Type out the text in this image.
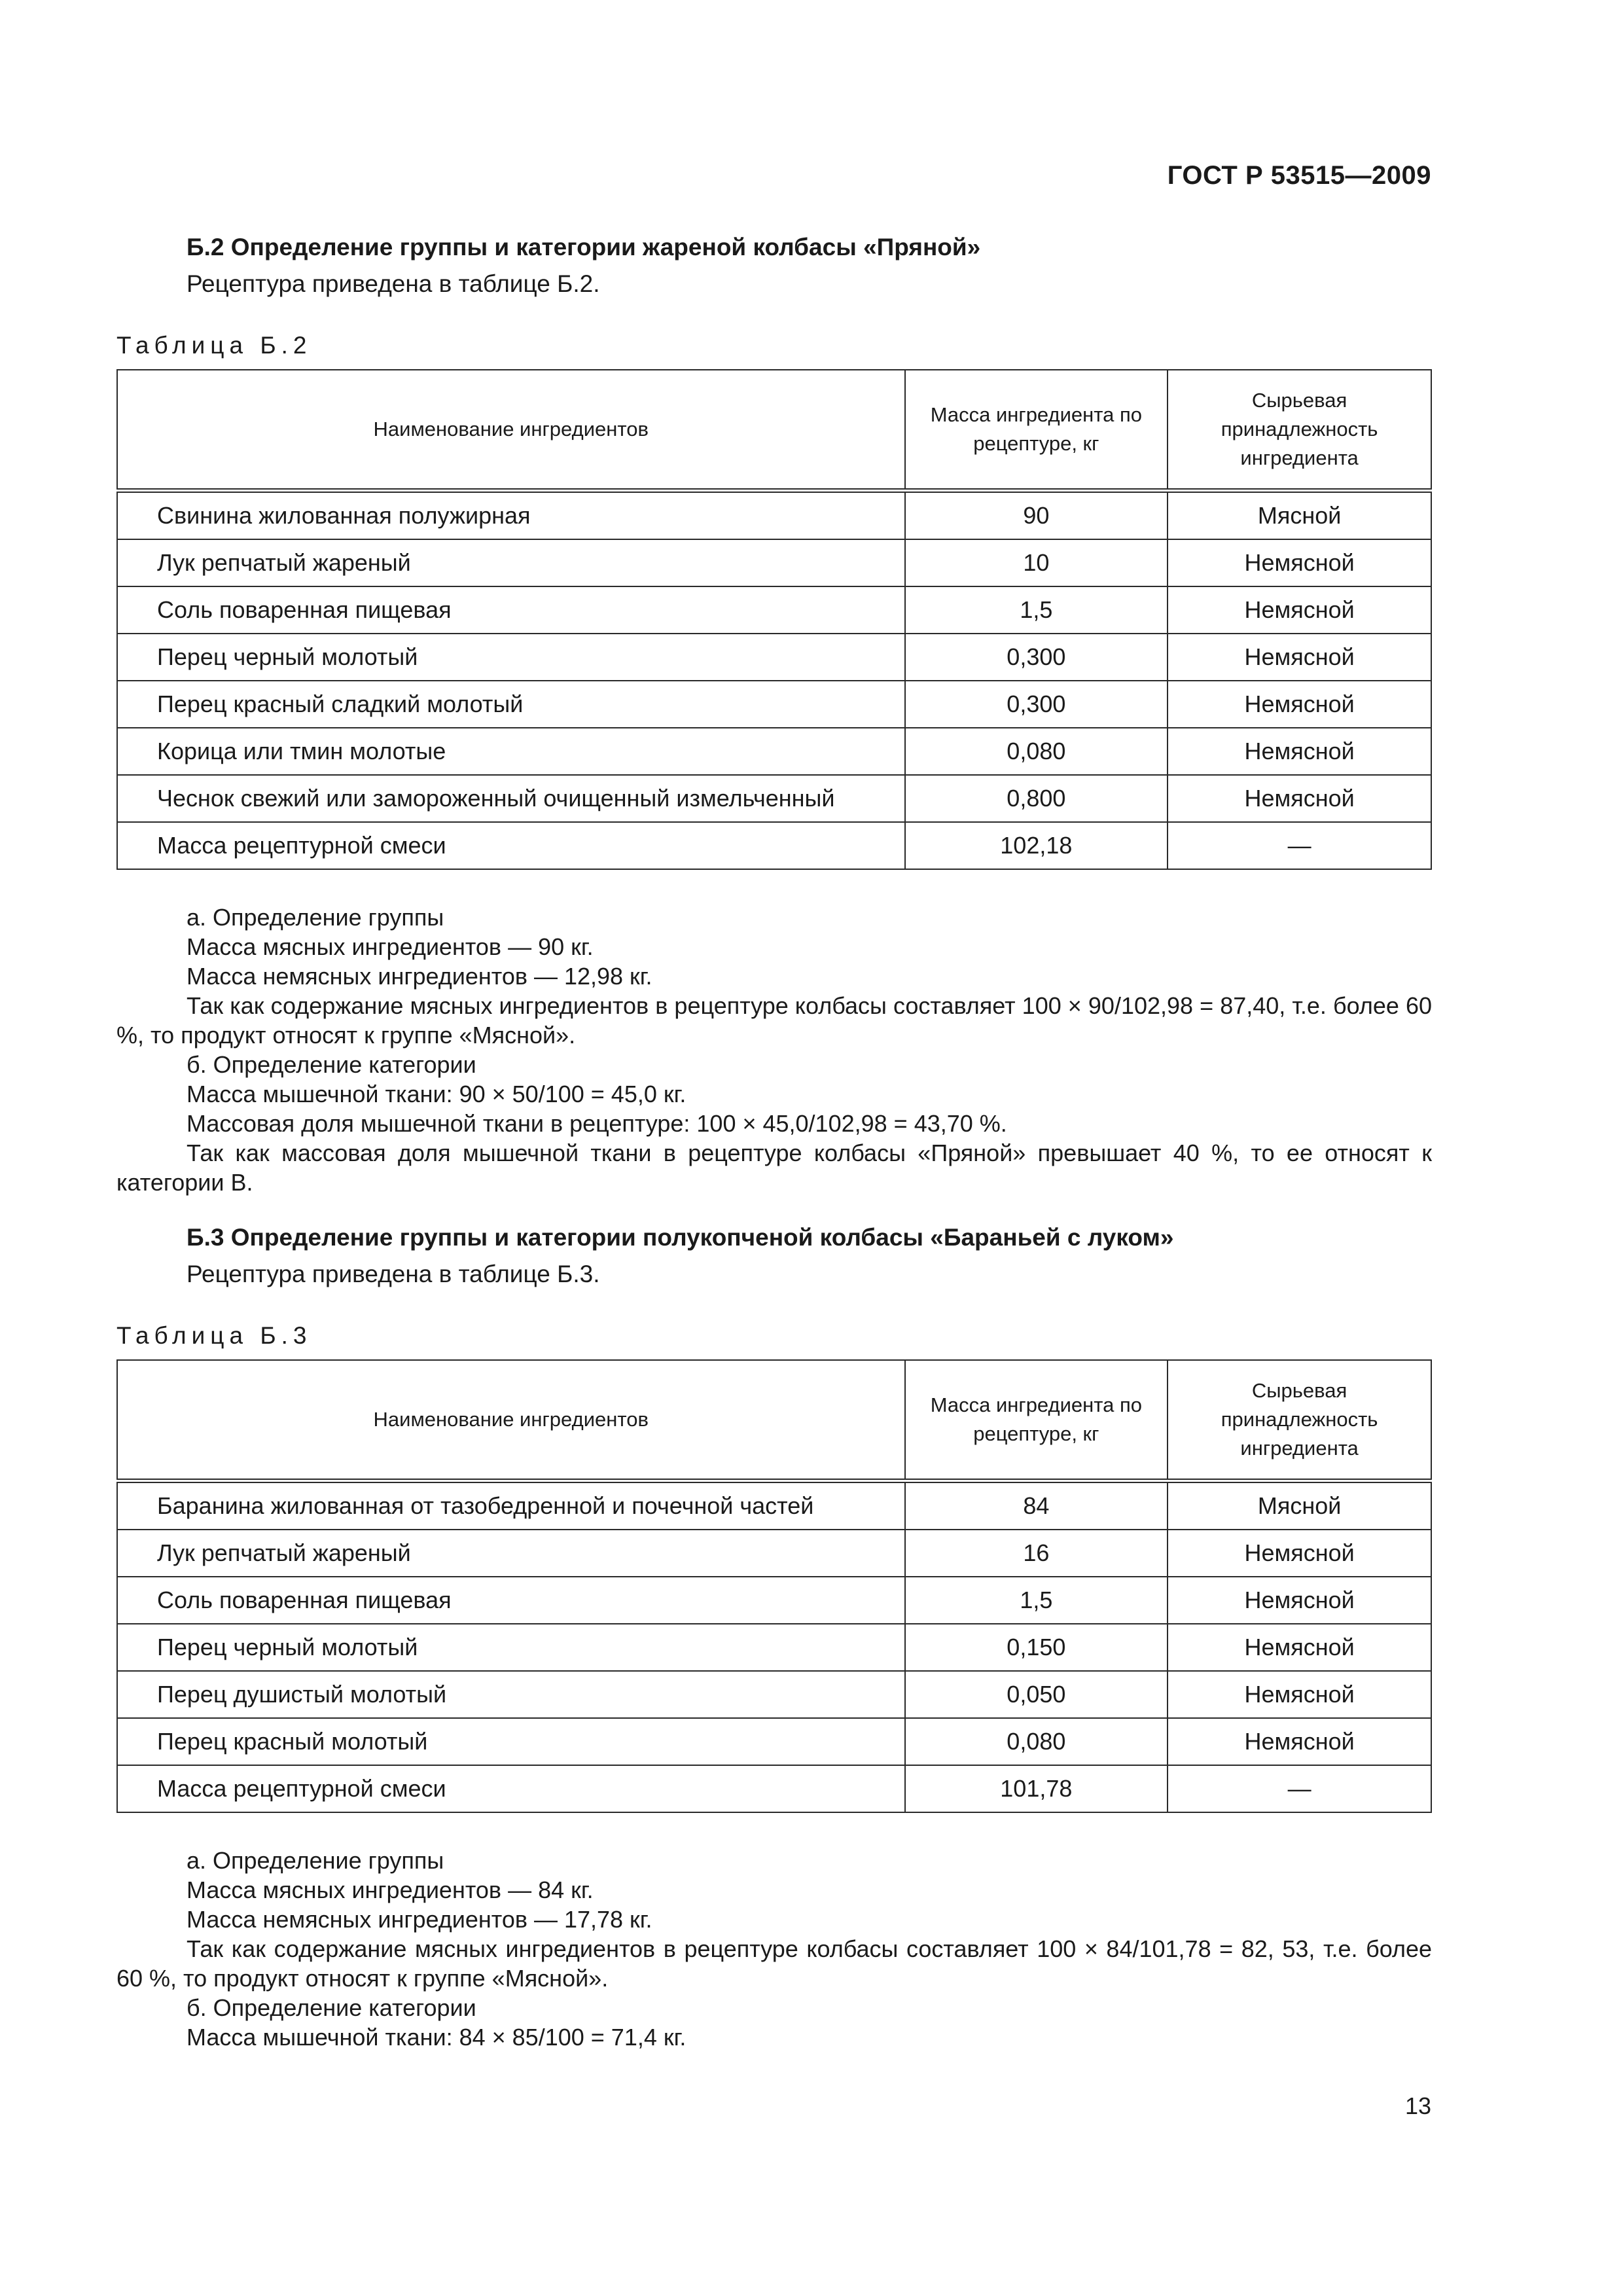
ГОСТ Р 53515—2009
Б.2 Определение группы и категории жареной колбасы «Пряной»
Рецептура приведена в таблице Б.2.
Таблица Б.2
Наименование ингредиентов	Масса ингредиента по рецептуре, кг	Сырьевая принадлежность ингредиента
Свинина жилованная полужирная	90	Мясной
Лук репчатый жареный	10	Немясной
Соль поваренная пищевая	1,5	Немясной
Перец черный молотый	0,300	Немясной
Перец красный сладкий молотый	0,300	Немясной
Корица или тмин молотые	0,080	Немясной
Чеснок свежий или замороженный очищенный измельченный	0,800	Немясной
Масса рецептурной смеси	102,18	—

а. Определение группы

Масса мясных ингредиентов — 90 кг.

Масса немясных ингредиентов — 12,98 кг.

Так как содержание мясных ингредиентов в рецептуре колбасы составляет 100 × 90/102,98 = 87,40, т.е. более 60 %, то продукт относят к группе «Мясной».

б. Определение категории

Масса мышечной ткани: 90 × 50/100 = 45,0 кг.

Массовая доля мышечной ткани в рецептуре: 100 × 45,0/102,98 = 43,70 %.

Так как массовая доля мышечной ткани в рецептуре колбасы «Пряной» превышает 40 %, то ее относят к категории В.

Б.3 Определение группы и категории полукопченой колбасы «Бараньей с луком»
Рецептура приведена в таблице Б.3.
Таблица Б.3
Наименование ингредиентов	Масса ингредиента по рецептуре, кг	Сырьевая принадлежность ингредиента
Баранина жилованная от тазобедренной и почечной частей	84	Мясной
Лук репчатый жареный	16	Немясной
Соль поваренная пищевая	1,5	Немясной
Перец черный молотый	0,150	Немясной
Перец душистый молотый	0,050	Немясной
Перец красный молотый	0,080	Немясной
Масса рецептурной смеси	101,78	—

а. Определение группы

Масса мясных ингредиентов — 84 кг.

Масса немясных ингредиентов — 17,78 кг.

Так как содержание мясных ингредиентов в рецептуре колбасы составляет 100 × 84/101,78 = 82, 53, т.е. более 60 %, то продукт относят к группе «Мясной».

б. Определение категории

Масса мышечной ткани: 84 × 85/100 = 71,4 кг.

13
